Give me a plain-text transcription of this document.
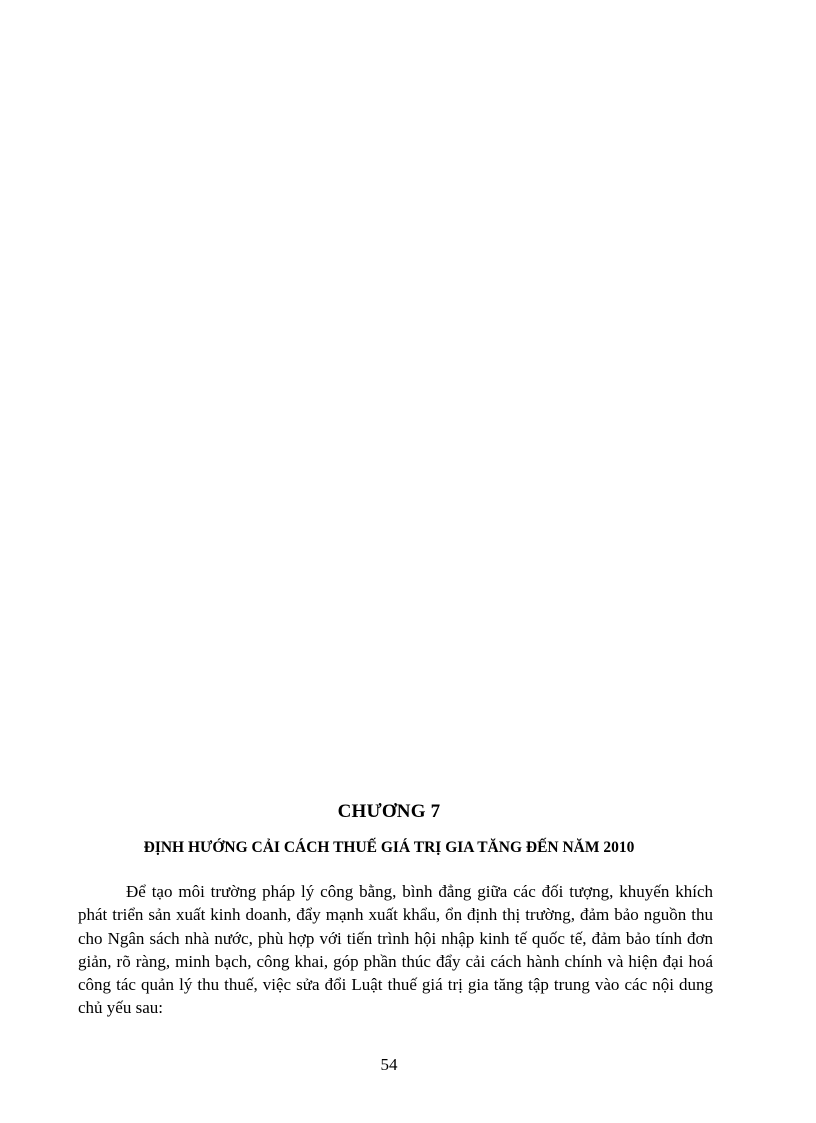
CHƯƠNG 7
ĐỊNH HƯỚNG CẢI CÁCH THUẾ GIÁ TRỊ GIA TĂNG ĐẾN NĂM 2010

Để tạo môi trường pháp lý công bằng, bình đẳng giữa các đối tượng, khuyến khích phát triển sản xuất kinh doanh, đẩy mạnh xuất khẩu, ổn định thị trường, đảm bảo nguồn thu cho Ngân sách nhà nước, phù hợp với tiến trình hội nhập kinh tế quốc tế, đảm bảo tính đơn giản, rõ ràng, minh bạch, công khai, góp phần thúc đẩy cải cách hành chính và hiện đại hoá công tác quản lý thu thuế, việc sửa đổi Luật thuế giá trị gia tăng tập trung vào các nội dung chủ yếu sau:

54
